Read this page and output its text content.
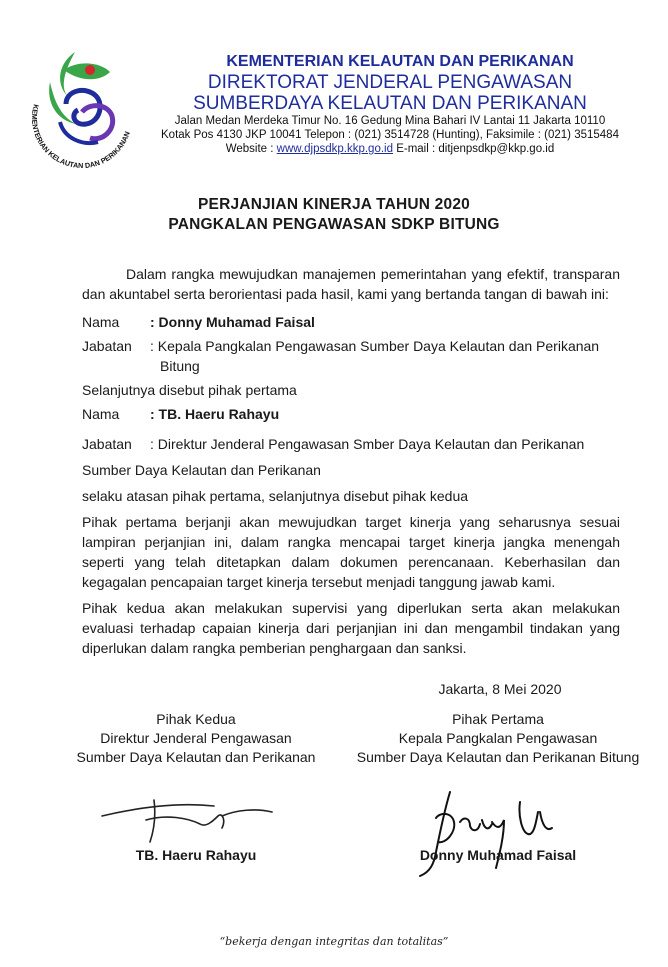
KEMENTERIAN KELAUTAN DAN PERIKANAN
KEMENTERIAN KELAUTAN DAN PERIKANAN
DIREKTORAT JENDERAL PENGAWASAN
SUMBERDAYA KELAUTAN DAN PERIKANAN
Jalan Medan Merdeka Timur No. 16 Gedung Mina Bahari IV Lantai 11 Jakarta 10110
Kotak Pos 4130 JKP 10041 Telepon : (021) 3514728 (Hunting), Faksimile : (021) 3515484
Website : www.djpsdkp.kkp.go.id E-mail : ditjenpsdkp@kkp.go.id
PERJANJIAN KINERJA TAHUN 2020
PANGKALAN PENGAWASAN SDKP BITUNG
Dalam rangka mewujudkan manajemen pemerintahan yang efektif, transparan dan akuntabel serta berorientasi pada hasil, kami yang bertanda tangan di bawah ini:
Nama : Donny Muhamad Faisal
Jabatan : Kepala Pangkalan Pengawasan Sumber Daya Kelautan dan Perikanan Bitung
Selanjutnya disebut pihak pertama
Nama : TB. Haeru Rahayu
Jabatan : Direktur Jenderal Pengawasan Smber Daya Kelautan dan Perikanan
Sumber Daya Kelautan dan Perikanan
selaku atasan pihak pertama, selanjutnya disebut pihak kedua
Pihak pertama berjanji akan mewujudkan target kinerja yang seharusnya sesuai lampiran perjanjian ini, dalam rangka mencapai target kinerja jangka menengah seperti yang telah ditetapkan dalam dokumen perencanaan. Keberhasilan dan kegagalan pencapaian target kinerja tersebut menjadi tanggung jawab kami.
Pihak kedua akan melakukan supervisi yang diperlukan serta akan melakukan evaluasi terhadap capaian kinerja dari perjanjian ini dan mengambil tindakan yang diperlukan dalam rangka pemberian penghargaan dan sanksi.
Jakarta, 8 Mei 2020
Pihak Kedua
Direktur Jenderal Pengawasan
Sumber Daya Kelautan dan Perikanan
TB. Haeru Rahayu
Pihak Pertama
Kepala Pangkalan Pengawasan
Sumber Daya Kelautan dan Perikanan Bitung
Donny Muhamad Faisal
“bekerja dengan integritas dan totalitas”
